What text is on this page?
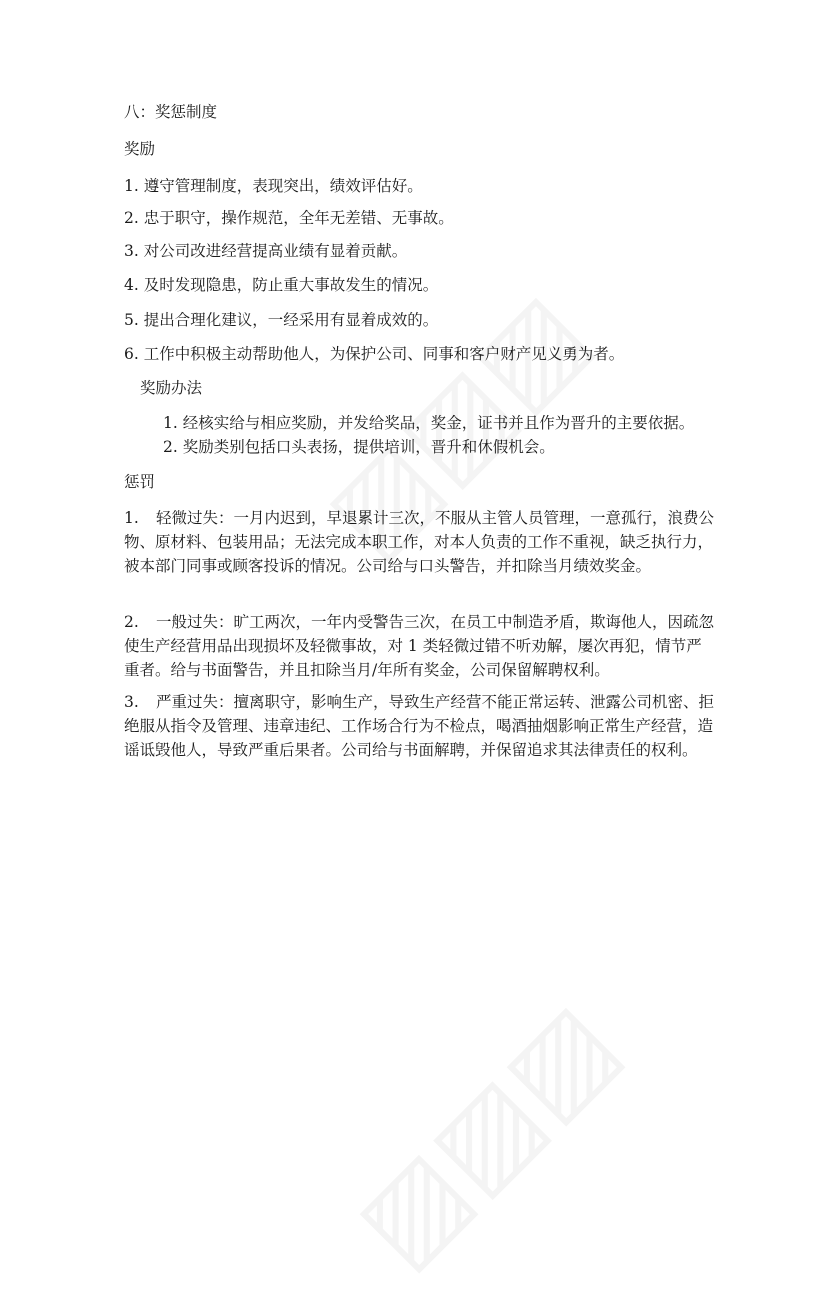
八：奖惩制度
奖励
1. 遵守管理制度，表现突出，绩效评估好。
2. 忠于职守，操作规范，全年无差错、无事故。
3. 对公司改进经营提高业绩有显着贡献。
4. 及时发现隐患，防止重大事故发生的情况。
5. 提出合理化建议，一经采用有显着成效的。
6. 工作中积极主动帮助他人，为保护公司、同事和客户财产见义勇为者。
奖励办法
1. 经核实给与相应奖励，并发给奖品，奖金，证书并且作为晋升的主要依据。
2. 奖励类别包括口头表扬，提供培训，晋升和休假机会。
惩罚
1. 轻微过失：一月内迟到，早退累计三次，不服从主管人员管理，一意孤行，浪费公物、原材料、包装用品；无法完成本职工作，对本人负责的工作不重视，缺乏执行力，被本部门同事或顾客投诉的情况。公司给与口头警告，并扣除当月绩效奖金。
2. 一般过失：旷工两次，一年内受警告三次，在员工中制造矛盾，欺诲他人，因疏忽使生产经营用品出现损坏及轻微事故，对 1 类轻微过错不听劝解，屡次再犯，情节严重者。给与书面警告，并且扣除当月/年所有奖金，公司保留解聘权利。
3. 严重过失：擅离职守，影响生产，导致生产经营不能正常运转、泄露公司机密、拒绝服从指令及管理、违章违纪、工作场合行为不检点，喝酒抽烟影响正常生产经营，造谣诋毁他人，导致严重后果者。公司给与书面解聘，并保留追求其法律责任的权利。
